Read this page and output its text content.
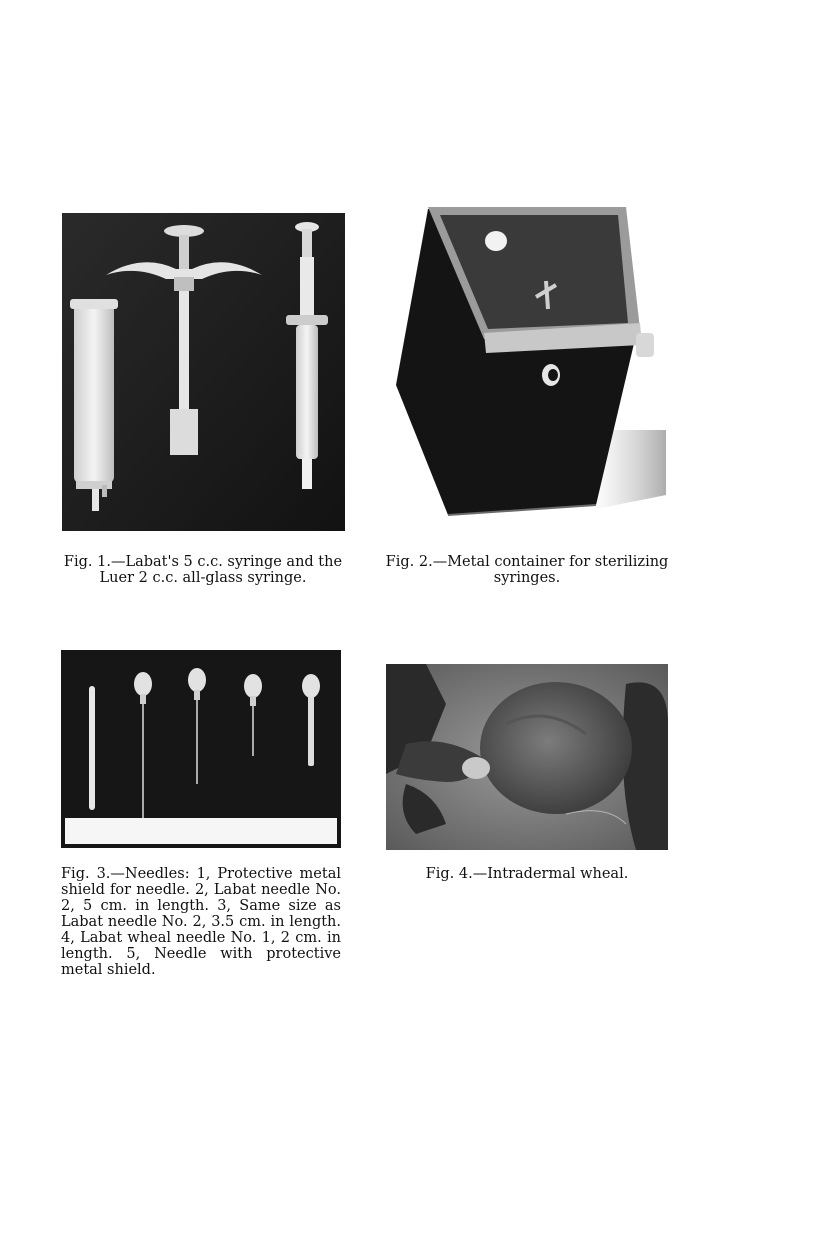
Fig. 1.—Labat's 5 c.c. syringe and the Luer 2 c.c. all-glass syringe.
Fig. 2.—Metal container for sterilizing syringes.
Fig. 3.—Needles: 1, Protective metal shield for needle. 2, Labat needle No. 2, 5 cm. in length. 3, Same size as Labat needle No. 2, 3.5 cm. in length. 4, Labat wheal needle No. 1, 2 cm. in length. 5, Needle with protective metal shield.
Fig. 4.—Intradermal wheal.
